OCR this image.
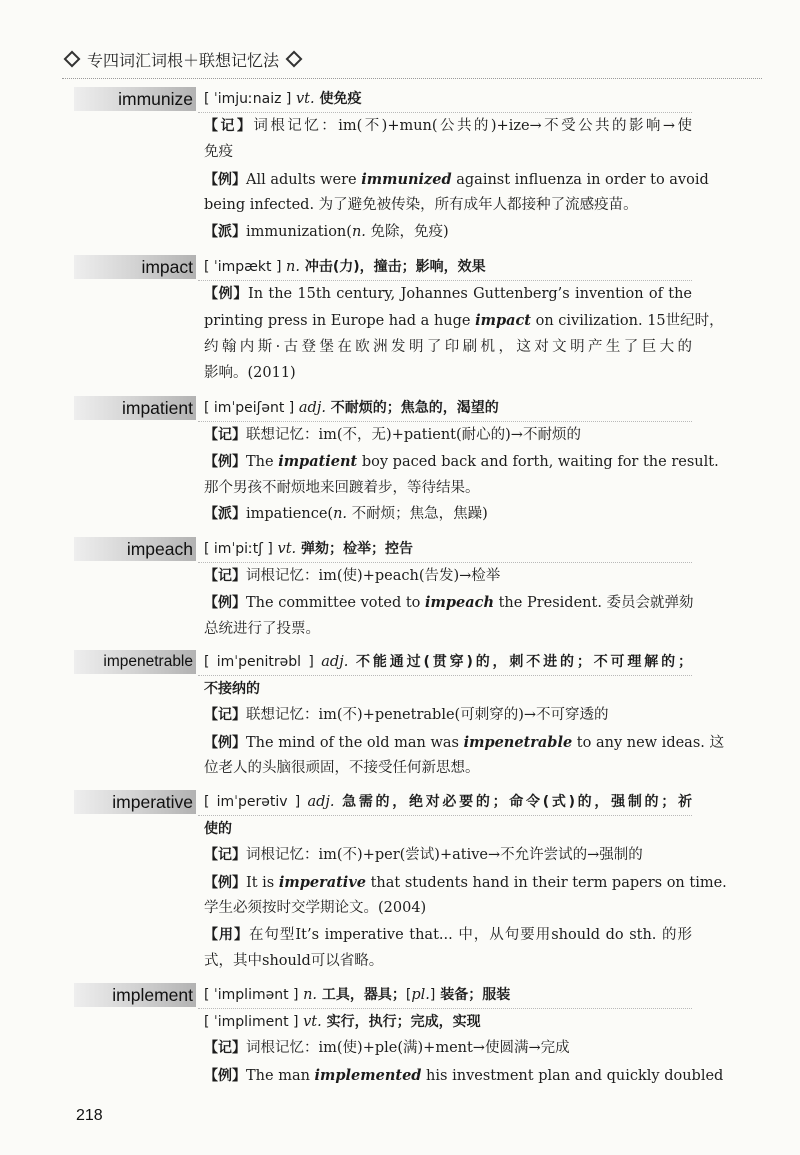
专四词汇词根＋联想记忆法
immunize [ ˈimjuːnaiz ] vt. 使免疫
【记】词根记忆：im(不)+mun(公共的)+ize→不受公共的影响→使
免疫
【例】All adults were immunized against influenza in order to avoid
being infected. 为了避免被传染，所有成年人都接种了流感疫苗。
【派】immunization(n. 免除，免疫)
impact [ ˈimpækt ] n. 冲击(力)，撞击；影响，效果
【例】In the 15th century, Johannes Guttenberg’s invention of the
printing press in Europe had a huge impact on civilization. 15世纪时，
约翰内斯·古登堡在欧洲发明了印刷机，这对文明产生了巨大的
影响。(2011)
impatient [ imˈpeiʃənt ] adj. 不耐烦的；焦急的，渴望的
【记】联想记忆：im(不，无)+patient(耐心的)→不耐烦的
【例】The impatient boy paced back and forth, waiting for the result.
那个男孩不耐烦地来回踱着步，等待结果。
【派】impatience(n. 不耐烦；焦急，焦躁)
impeach [ imˈpiːtʃ ] vt. 弹劾；检举；控告
【记】词根记忆：im(使)+peach(告发)→检举
【例】The committee voted to impeach the President. 委员会就弹劾
总统进行了投票。
impenetrable [ imˈpenitrəbl ] adj. 不能通过(贯穿)的，刺不进的；不可理解的；
不接纳的
【记】联想记忆：im(不)+penetrable(可刺穿的)→不可穿透的
【例】The mind of the old man was impenetrable to any new ideas. 这
位老人的头脑很顽固，不接受任何新思想。
imperative [ imˈperətiv ] adj. 急需的，绝对必要的；命令(式)的，强制的；祈
使的
【记】词根记忆：im(不)+per(尝试)+ative→不允许尝试的→强制的
【例】It is imperative that students hand in their term papers on time.
学生必须按时交学期论文。(2004)
【用】在句型It’s imperative that... 中，从句要用should do sth. 的形
式，其中should可以省略。
implement [ ˈimplimənt ] n. 工具，器具；[pl.] 装备；服装
[ ˈimpliment ] vt. 实行，执行；完成，实现
【记】词根记忆：im(使)+ple(满)+ment→使圆满→完成
【例】The man implemented his investment plan and quickly doubled
218
